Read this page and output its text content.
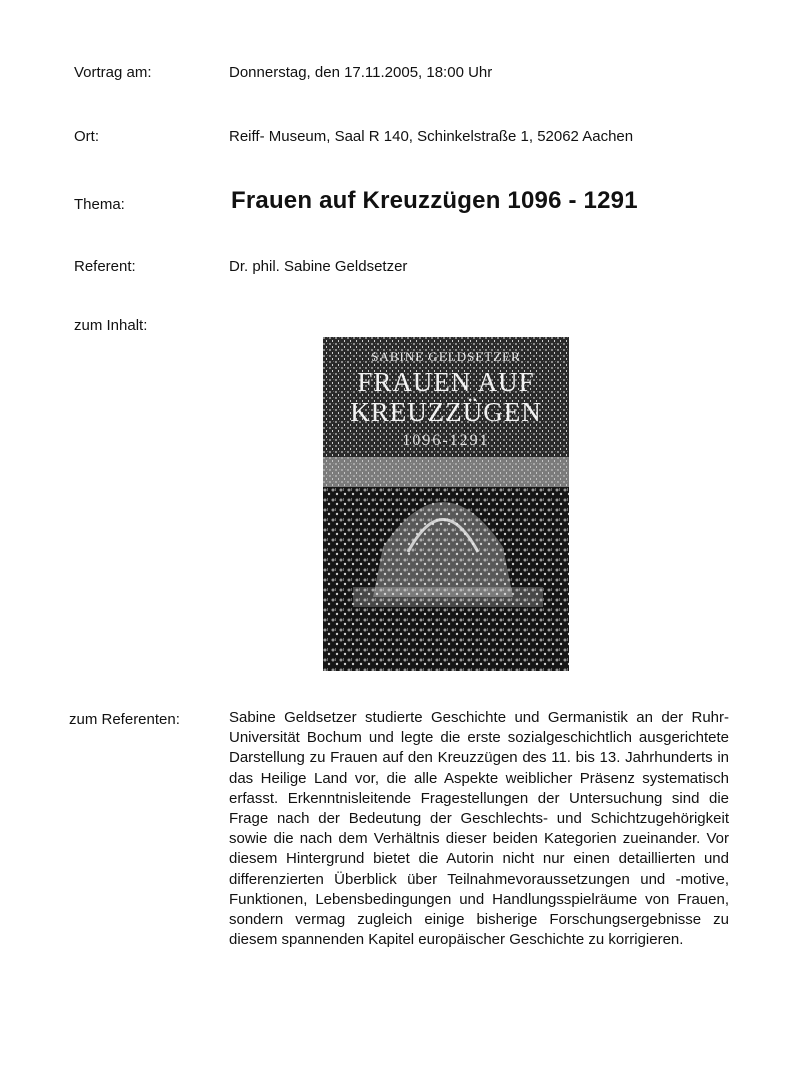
Vortrag am:	Donnerstag, den 17.11.2005, 18:00 Uhr
Ort:	Reiff- Museum, Saal R 140, Schinkelstraße 1, 52062 Aachen
Thema:	Frauen auf Kreuzzügen 1096 - 1291
Referent:	Dr. phil. Sabine Geldsetzer
zum Inhalt:
SABINE GELDSETZER
FRAUEN AUF
KREUZZÜGEN
1096-1291
zum Referenten:	Sabine Geldsetzer studierte Geschichte und Germanistik an der Ruhr-Universität Bochum und legte die erste sozialgeschichtlich ausgerichtete Darstellung zu Frauen auf den Kreuzzügen des 11. bis 13. Jahrhunderts in das Heilige Land vor, die alle Aspekte weiblicher Präsenz systematisch erfasst. Erkenntnisleitende Fragestellungen der Untersuchung sind die Frage nach der Bedeutung der Geschlechts- und Schichtzugehörigkeit sowie die nach dem Verhältnis dieser beiden Kategorien zueinander. Vor diesem Hintergrund bietet die Autorin nicht nur einen detaillierten und differenzierten Überblick über Teilnahmevoraussetzungen und -motive, Funktionen, Lebensbedingungen und Handlungsspielräume von Frauen, sondern vermag zugleich einige bisherige Forschungsergebnisse zu diesem spannenden Kapitel europäischer Geschichte zu korrigieren.
